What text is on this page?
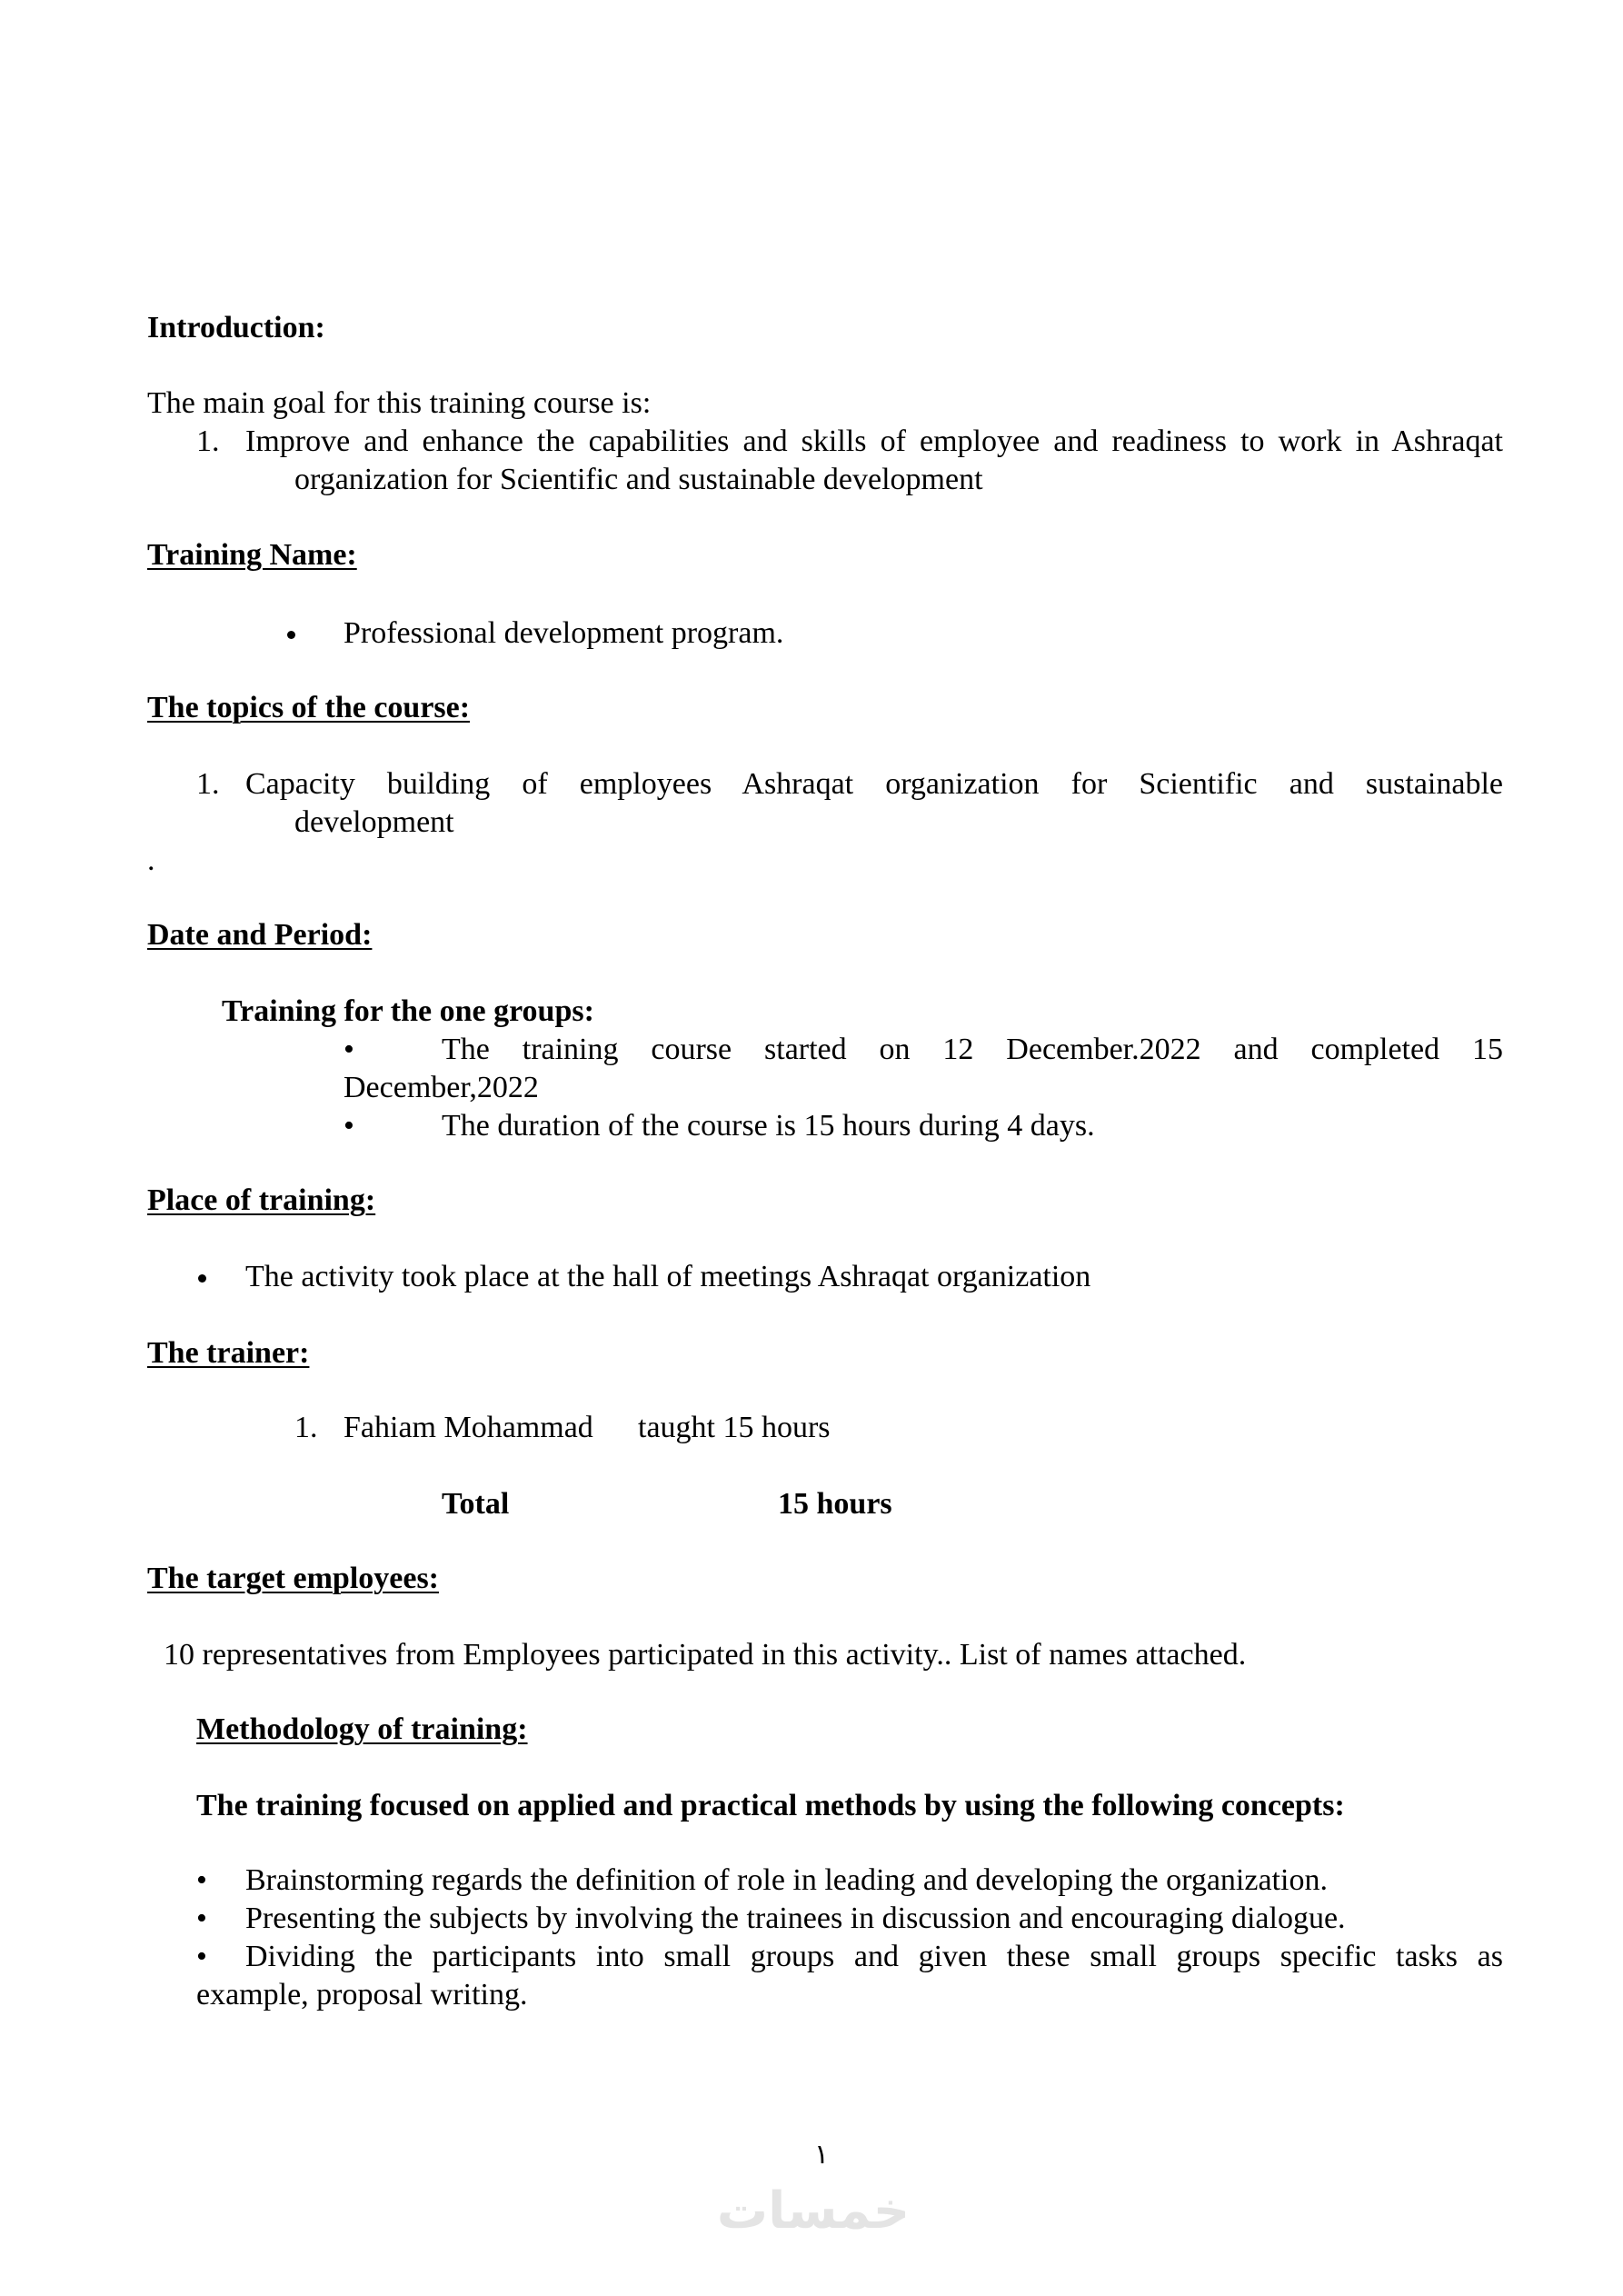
Introduction:
The main goal for this training course is:
1. Improve and enhance the capabilities and skills of employee and readiness to work in Ashraqat
organization for Scientific and sustainable development
Training Name:
Professional development program.
The topics of the course:
1. Capacity building of employees Ashraqat organization for Scientific and sustainable
development
.
Date and Period:
Training for the one groups:
•	The training course started on 12 December.2022 and completed 15
December,2022
•	The duration of the course is 15 hours during 4 days.
Place of training:
The activity took place at the hall of meetings Ashraqat organization
The trainer:
1. Fahiam Mohammad taught 15 hours
Total	15 hours
The target employees:
10 representatives from Employees participated in this activity.. List of names attached.
Methodology of training:
The training focused on applied and practical methods by using the following concepts:
• Brainstorming regards the definition of role in leading and developing the organization.
• Presenting the subjects by involving the trainees in discussion and encouraging dialogue.
• Dividing the participants into small groups and given these small groups specific tasks as
example, proposal writing.
١
خمسات
